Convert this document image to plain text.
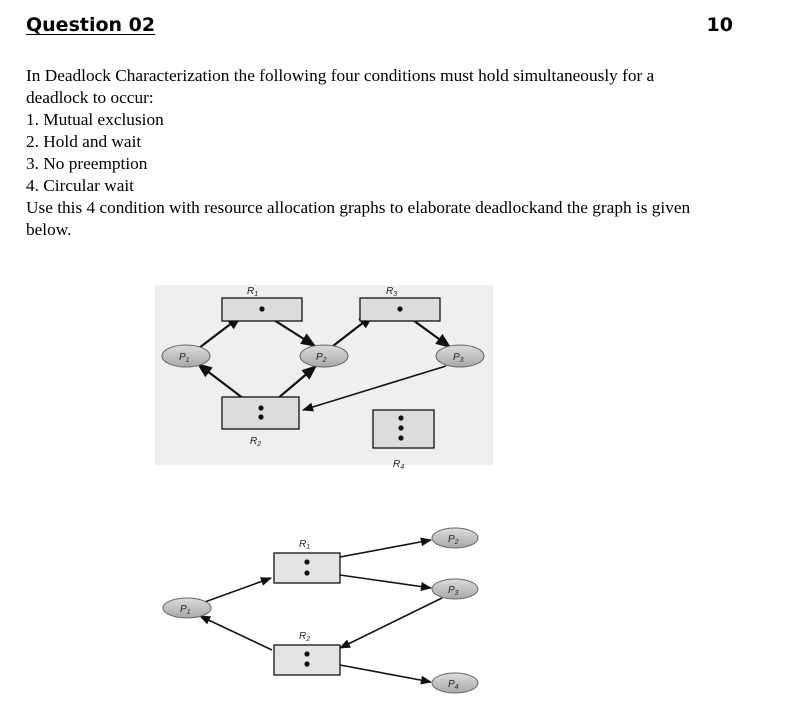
Question 02	10
In Deadlock Characterization the following four conditions must hold simultaneously for a
deadlock to occur:
1. Mutual exclusion
2. Hold and wait
3. No preemption
4. Circular wait
Use this 4 condition with resource allocation graphs to elaborate deadlockand the graph is given
below.
$R_1$	$R_3$
$R_2$
$R_4$
$P_1$	$P_2$	$P_3$
$R_1$
$R_2$
$P_1$
$P_2$
$P_3$
$P_4$
